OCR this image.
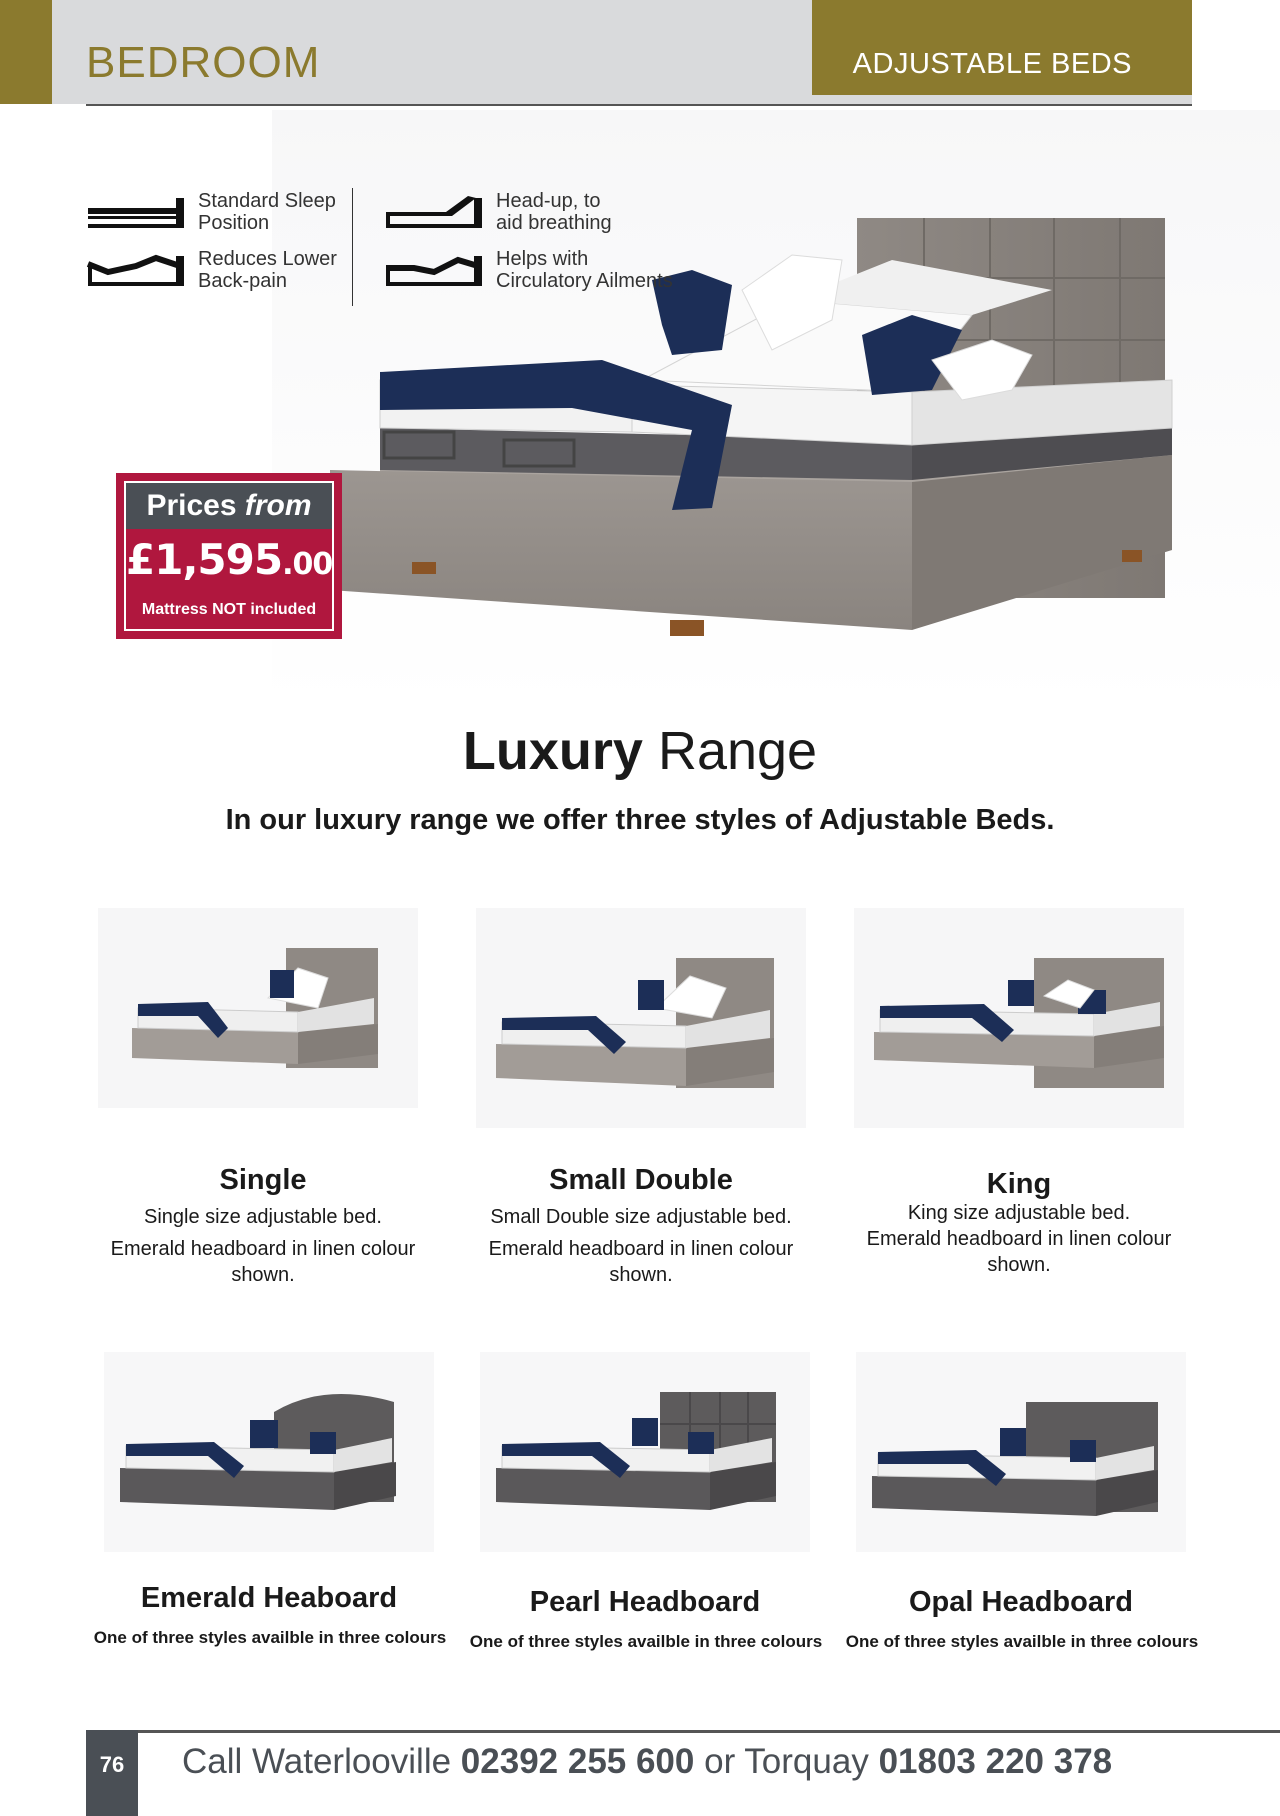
BEDROOM	ADJUSTABLE BEDS
Standard Sleep
Position
Head-up, to
aid breathing
Reduces Lower
Back-pain
Helps with
Circulatory Ailments
Prices from
£1,595.00
Mattress NOT included
Luxury Range
In our luxury range we offer three styles of Adjustable Beds.
Single
Single size adjustable bed.
Emerald headboard in linen colour
shown.
Small Double
Small Double size adjustable bed.
Emerald headboard in linen colour
shown.
King
King size adjustable bed.
Emerald headboard in linen colour
shown.
Emerald Heaboard
One of three styles availble in three colours
Pearl Headboard
One of three styles availble in three colours
Opal Headboard
One of three styles availble in three colours
76	Call Waterlooville 02392 255 600 or Torquay 01803 220 378
